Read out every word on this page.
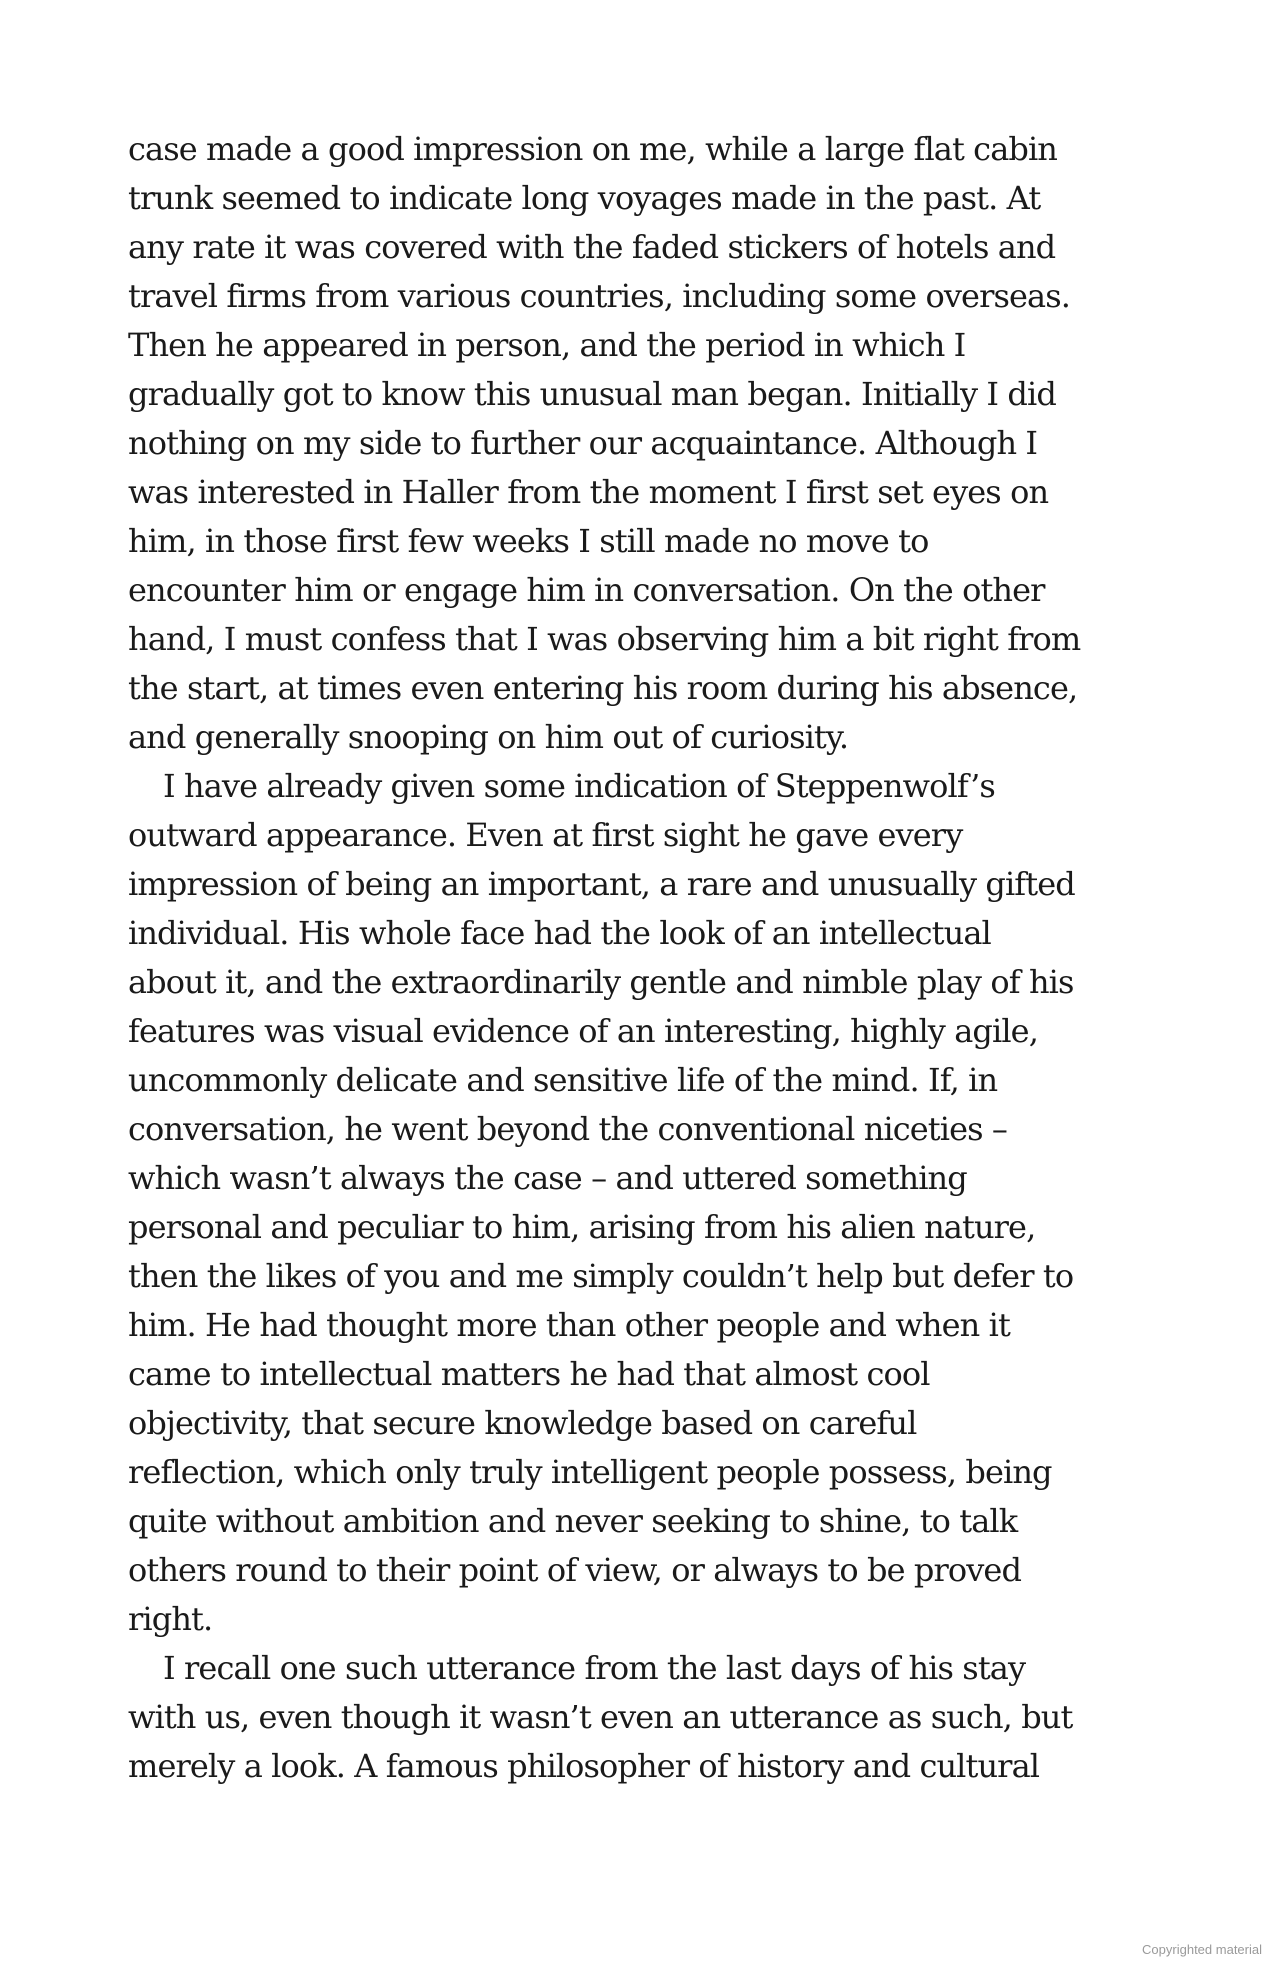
case made a good impression on me, while a large flat cabin
trunk seemed to indicate long voyages made in the past. At
any rate it was covered with the faded stickers of hotels and
travel firms from various countries, including some overseas.
Then he appeared in person, and the period in which I
gradually got to know this unusual man began. Initially I did
nothing on my side to further our acquaintance. Although I
was interested in Haller from the moment I first set eyes on
him, in those first few weeks I still made no move to
encounter him or engage him in conversation. On the other
hand, I must confess that I was observing him a bit right from
the start, at times even entering his room during his absence,
and generally snooping on him out of curiosity.
I have already given some indication of Steppenwolf’s
outward appearance. Even at first sight he gave every
impression of being an important, a rare and unusually gifted
individual. His whole face had the look of an intellectual
about it, and the extraordinarily gentle and nimble play of his
features was visual evidence of an interesting, highly agile,
uncommonly delicate and sensitive life of the mind. If, in
conversation, he went beyond the conventional niceties –
which wasn’t always the case – and uttered something
personal and peculiar to him, arising from his alien nature,
then the likes of you and me simply couldn’t help but defer to
him. He had thought more than other people and when it
came to intellectual matters he had that almost cool
objectivity, that secure knowledge based on careful
reflection, which only truly intelligent people possess, being
quite without ambition and never seeking to shine, to talk
others round to their point of view, or always to be proved
right.
I recall one such utterance from the last days of his stay
with us, even though it wasn’t even an utterance as such, but
merely a look. A famous philosopher of history and cultural
Copyrighted material
